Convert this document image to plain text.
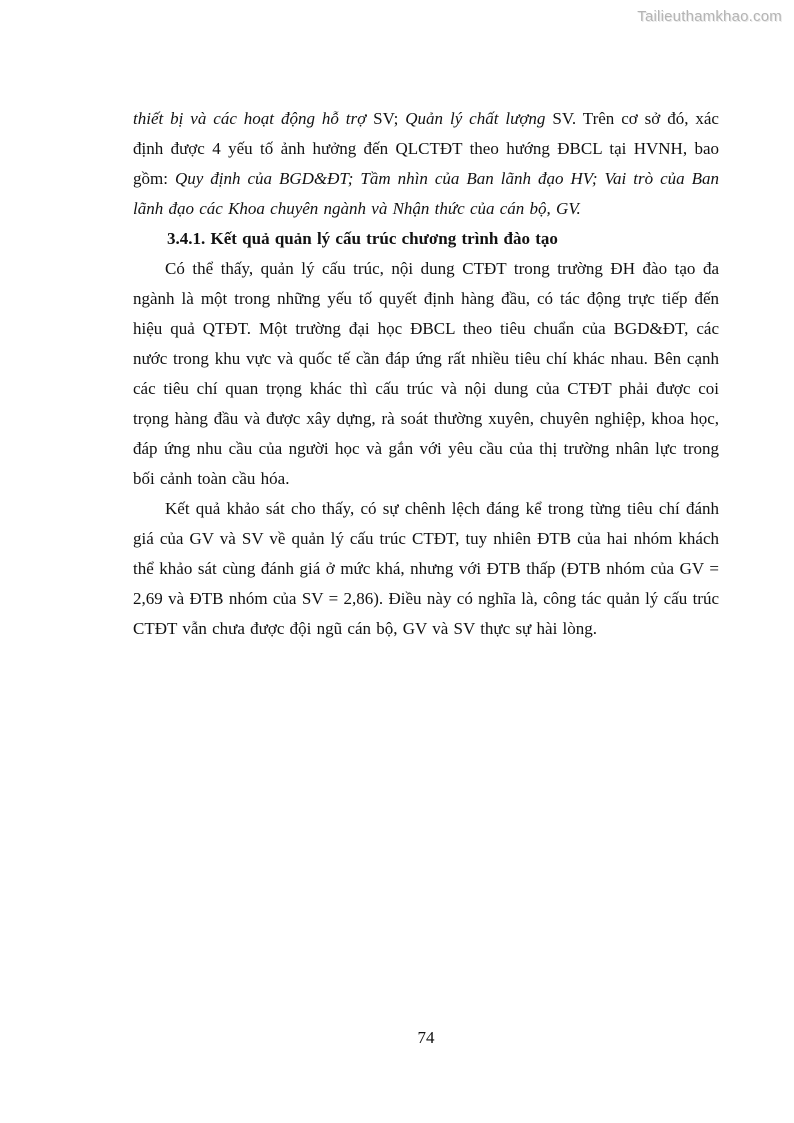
Tailieuthamkhao.com

thiết bị và các hoạt động hỗ trợ SV; Quản lý chất lượng SV. Trên cơ sở đó, xác định được 4 yếu tố ảnh hưởng đến QLCTĐT theo hướng ĐBCL tại HVNH, bao gồm: Quy định của BGD&ĐT; Tầm nhìn của Ban lãnh đạo HV; Vai trò của Ban lãnh đạo các Khoa chuyên ngành và Nhận thức của cán bộ, GV.

3.4.1. Kết quả quản lý cấu trúc chương trình đào tạo

Có thể thấy, quản lý cấu trúc, nội dung CTĐT trong trường ĐH đào tạo đa ngành là một trong những yếu tố quyết định hàng đầu, có tác động trực tiếp đến hiệu quả QTĐT. Một trường đại học ĐBCL theo tiêu chuẩn của BGD&ĐT, các nước trong khu vực và quốc tế cần đáp ứng rất nhiều tiêu chí khác nhau. Bên cạnh các tiêu chí quan trọng khác thì cấu trúc và nội dung của CTĐT phải được coi trọng hàng đầu và được xây dựng, rà soát thường xuyên, chuyên nghiệp, khoa học, đáp ứng nhu cầu của người học và gắn với yêu cầu của thị trường nhân lực trong bối cảnh toàn cầu hóa.

Kết quả khảo sát cho thấy, có sự chênh lệch đáng kể trong từng tiêu chí đánh giá của GV và SV về quản lý cấu trúc CTĐT, tuy nhiên ĐTB của hai nhóm khách thể khảo sát cùng đánh giá ở mức khá, nhưng với ĐTB thấp (ĐTB nhóm của GV = 2,69 và ĐTB nhóm của SV = 2,86). Điều này có nghĩa là, công tác quản lý cấu trúc CTĐT vẫn chưa được đội ngũ cán bộ, GV và SV thực sự hài lòng.

74
